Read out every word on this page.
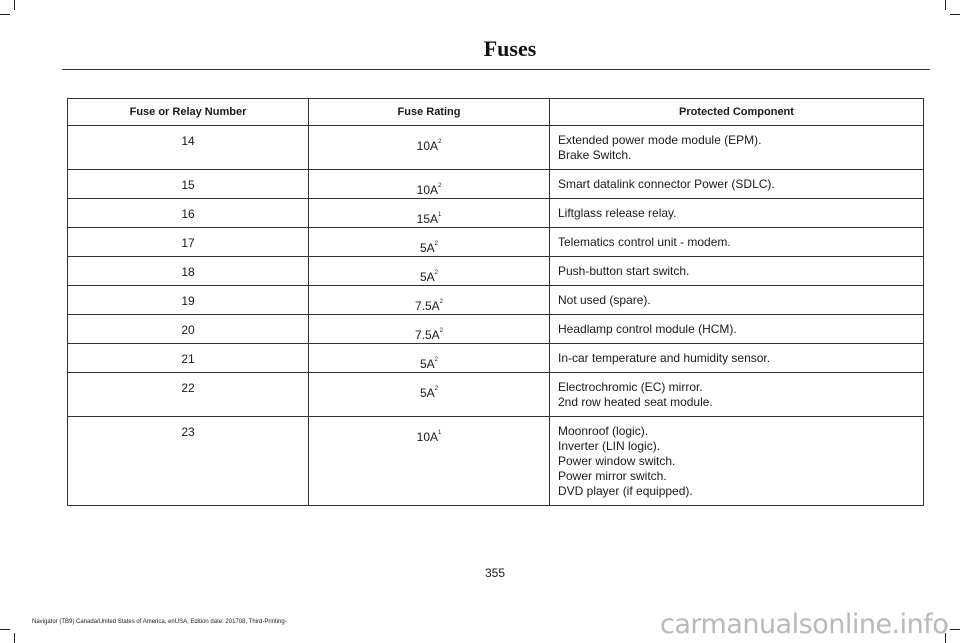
Fuses
Fuse or Relay Number	Fuse Rating	Protected Component
14	$10A^2$	Extended power mode module (EPM).
Brake Switch.

15	$10A^2$	Smart datalink connector Power (SDLC).

16	$15A^1$	Liftglass release relay.

17	$5A^2$	Telematics control unit - modem.

18	$5A^2$	Push-button start switch.

19	$7.5A^2$	Not used (spare).

20	$7.5A^2$	Headlamp control module (HCM).

21	$5A^2$	In-car temperature and humidity sensor.

22	$5A^2$	Electrochromic (EC) mirror.
2nd row heated seat module.

23	$10A^1$	Moonroof (logic).
Inverter (LIN logic).
Power window switch.
Power mirror switch.
DVD player (if equipped).
355
Navigator (TB9) Canada/United States of America, enUSA, Edition date: 201708, Third-Printing-	carmanualsonline.info
